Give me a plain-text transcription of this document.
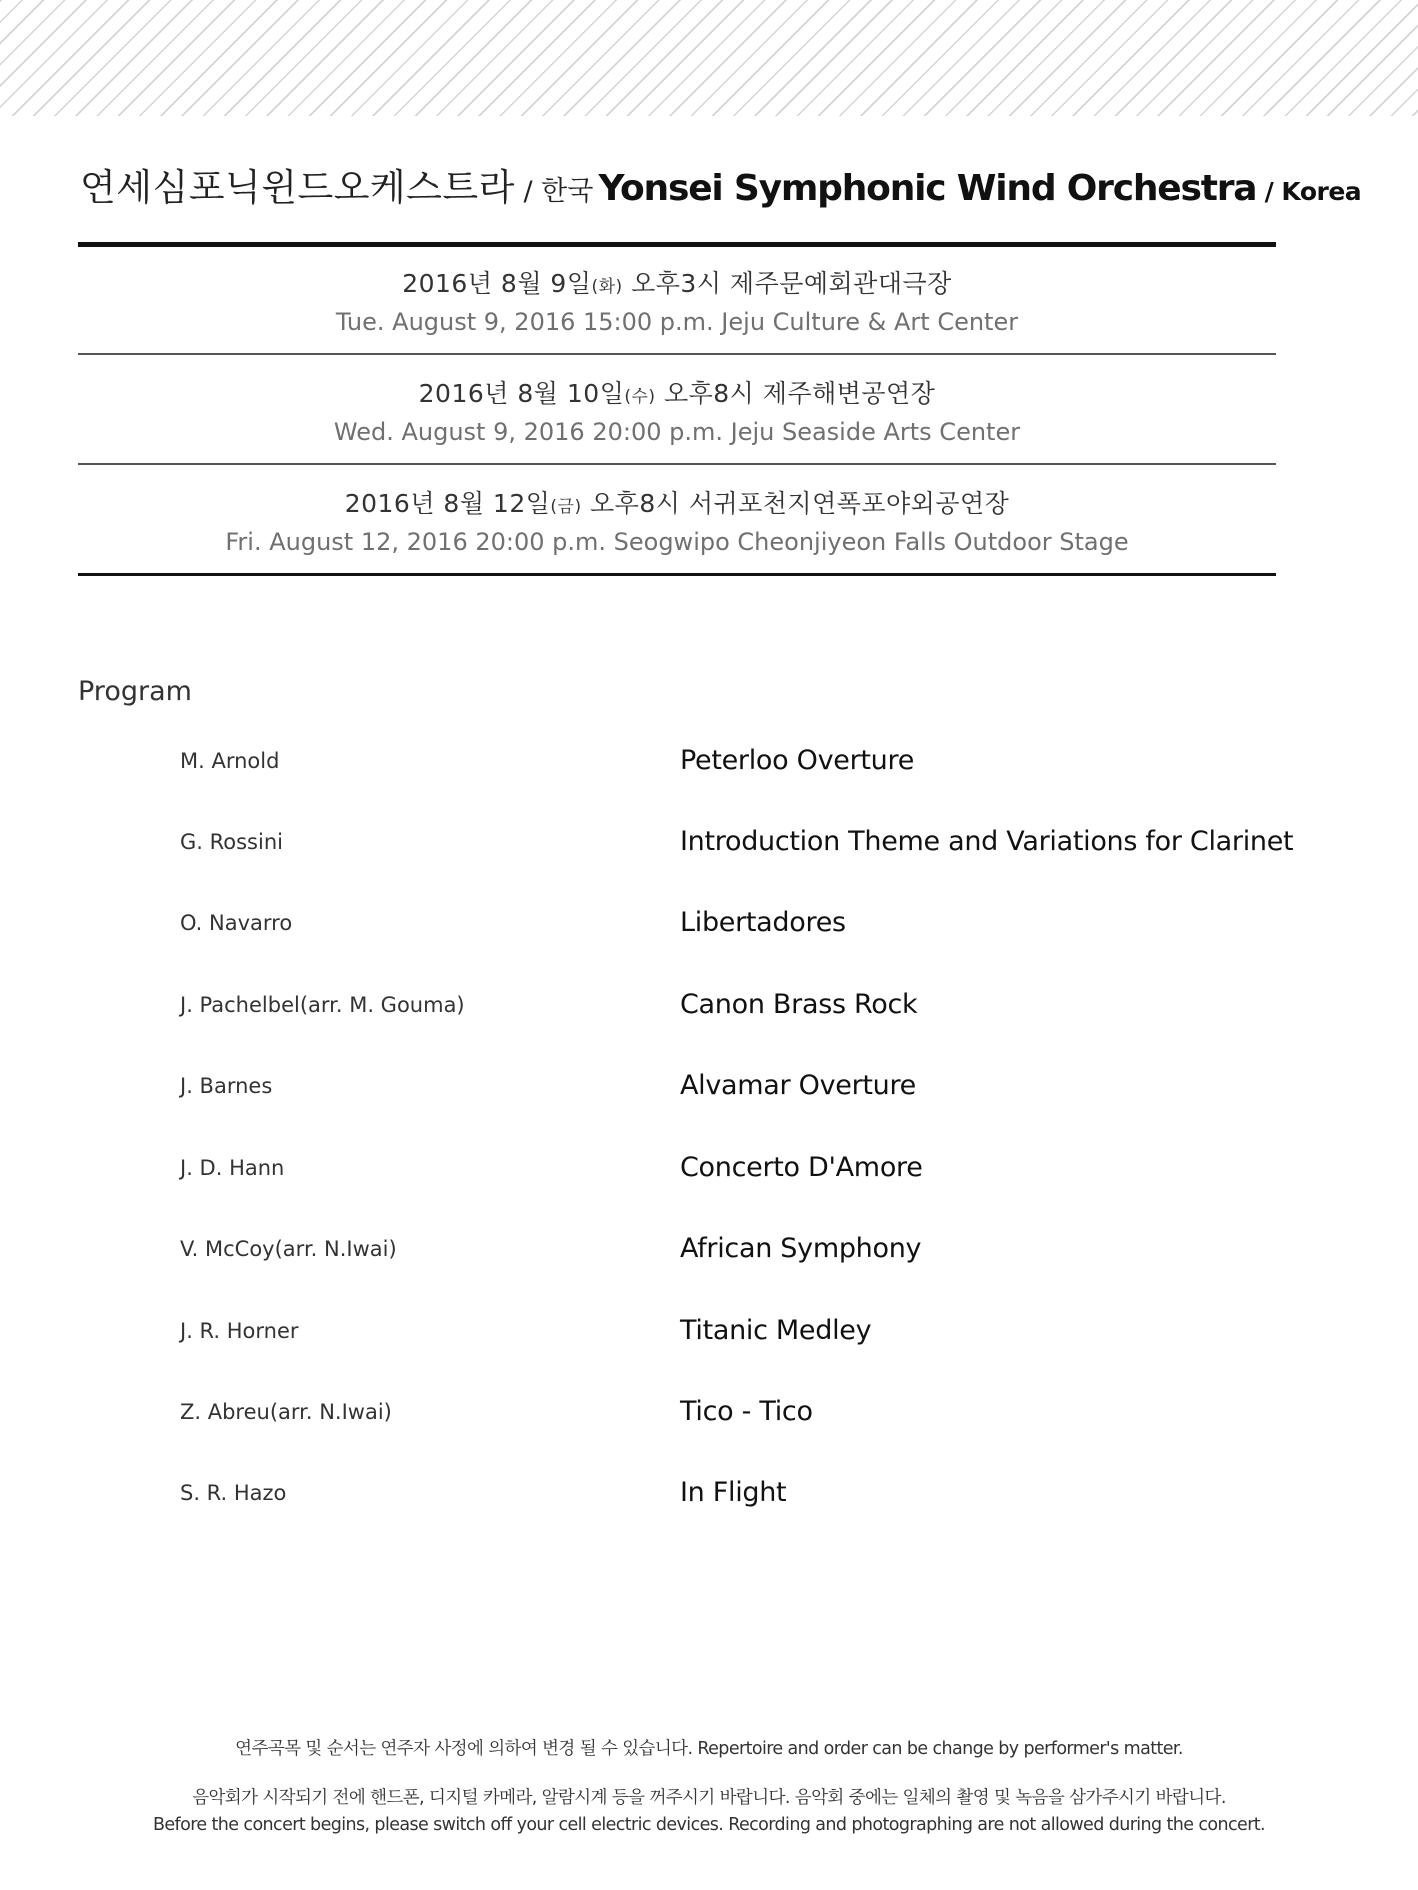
연세심포닉윈드오케스트라 / 한국 Yonsei Symphonic Wind Orchestra / Korea
2016년 8월 9일(화) 오후3시 제주문예회관대극장
Tue. August 9, 2016 15:00 p.m. Jeju Culture & Art Center
2016년 8월 10일(수) 오후8시 제주해변공연장
Wed. August 9, 2016 20:00 p.m. Jeju Seaside Arts Center
2016년 8월 12일(금) 오후8시 서귀포천지연폭포야외공연장
Fri. August 12, 2016 20:00 p.m. Seogwipo Cheonjiyeon Falls Outdoor Stage
Program
M. Arnold	Peterloo Overture
G. Rossini	Introduction Theme and Variations for Clarinet
O. Navarro	Libertadores
J. Pachelbel(arr. M. Gouma)	Canon Brass Rock
J. Barnes	Alvamar Overture
J. D. Hann	Concerto D'Amore
V. McCoy(arr. N.Iwai)	African Symphony
J. R. Horner	Titanic Medley
Z. Abreu(arr. N.Iwai)	Tico - Tico
S. R. Hazo	In Flight
연주곡목 및 순서는 연주자 사정에 의하여 변경 될 수 있습니다. Repertoire and order can be change by performer's matter.
음악회가 시작되기 전에 핸드폰, 디지털 카메라, 알람시계 등을 꺼주시기 바랍니다. 음악회 중에는 일체의 촬영 및 녹음을 삼가주시기 바랍니다.
Before the concert begins, please switch off your cell electric devices. Recording and photographing are not allowed during the concert.
